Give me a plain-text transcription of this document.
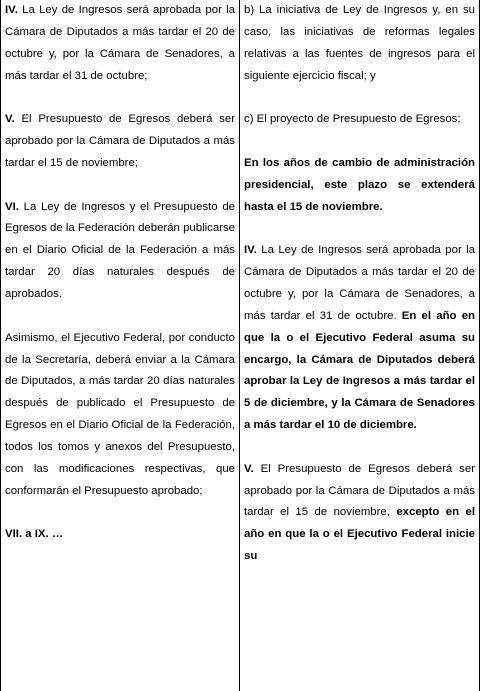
IV. La Ley de Ingresos será aprobada por la Cámara de Diputados a más tardar el 20 de octubre y, por la Cámara de Senadores, a más tardar el 31 de octubre;

V. El Presupuesto de Egresos deberá ser aprobado por la Cámara de Diputados a más tardar el 15 de noviembre;

VI. La Ley de Ingresos y el Presupuesto de Egresos de la Federación deberán publicarse en el Diario Oficial de la Federación a más tardar 20 días naturales después de aprobados.

Asimismo, el Ejecutivo Federal, por conducto de la Secretaría, deberá enviar a la Cámara de Diputados, a más tardar 20 días naturales después de publicado el Presupuesto de Egresos en el Diario Oficial de la Federación, todos los tomos y anexos del Presupuesto, con las modificaciones respectivas, que conformarán el Presupuesto aprobado;

VII. a IX. …

b) La iniciativa de Ley de Ingresos y, en su caso, las iniciativas de reformas legales relativas a las fuentes de ingresos para el siguiente ejercicio fiscal; y

c) El proyecto de Presupuesto de Egresos;

En los años de cambio de administración presidencial, este plazo se extenderá hasta el 15 de noviembre.

IV. La Ley de Ingresos será aprobada por la Cámara de Diputados a más tardar el 20 de octubre y, por la Cámara de Senadores, a más tardar el 31 de octubre. En el año en que la o el Ejecutivo Federal asuma su encargo, la Cámara de Diputados deberá aprobar la Ley de Ingresos a más tardar el 5 de diciembre, y la Cámara de Senadores a más tardar el 10 de diciembre.

V. El Presupuesto de Egresos deberá ser aprobado por la Cámara de Diputados a más tardar el 15 de noviembre, excepto en el año en que la o el Ejecutivo Federal inicie su
